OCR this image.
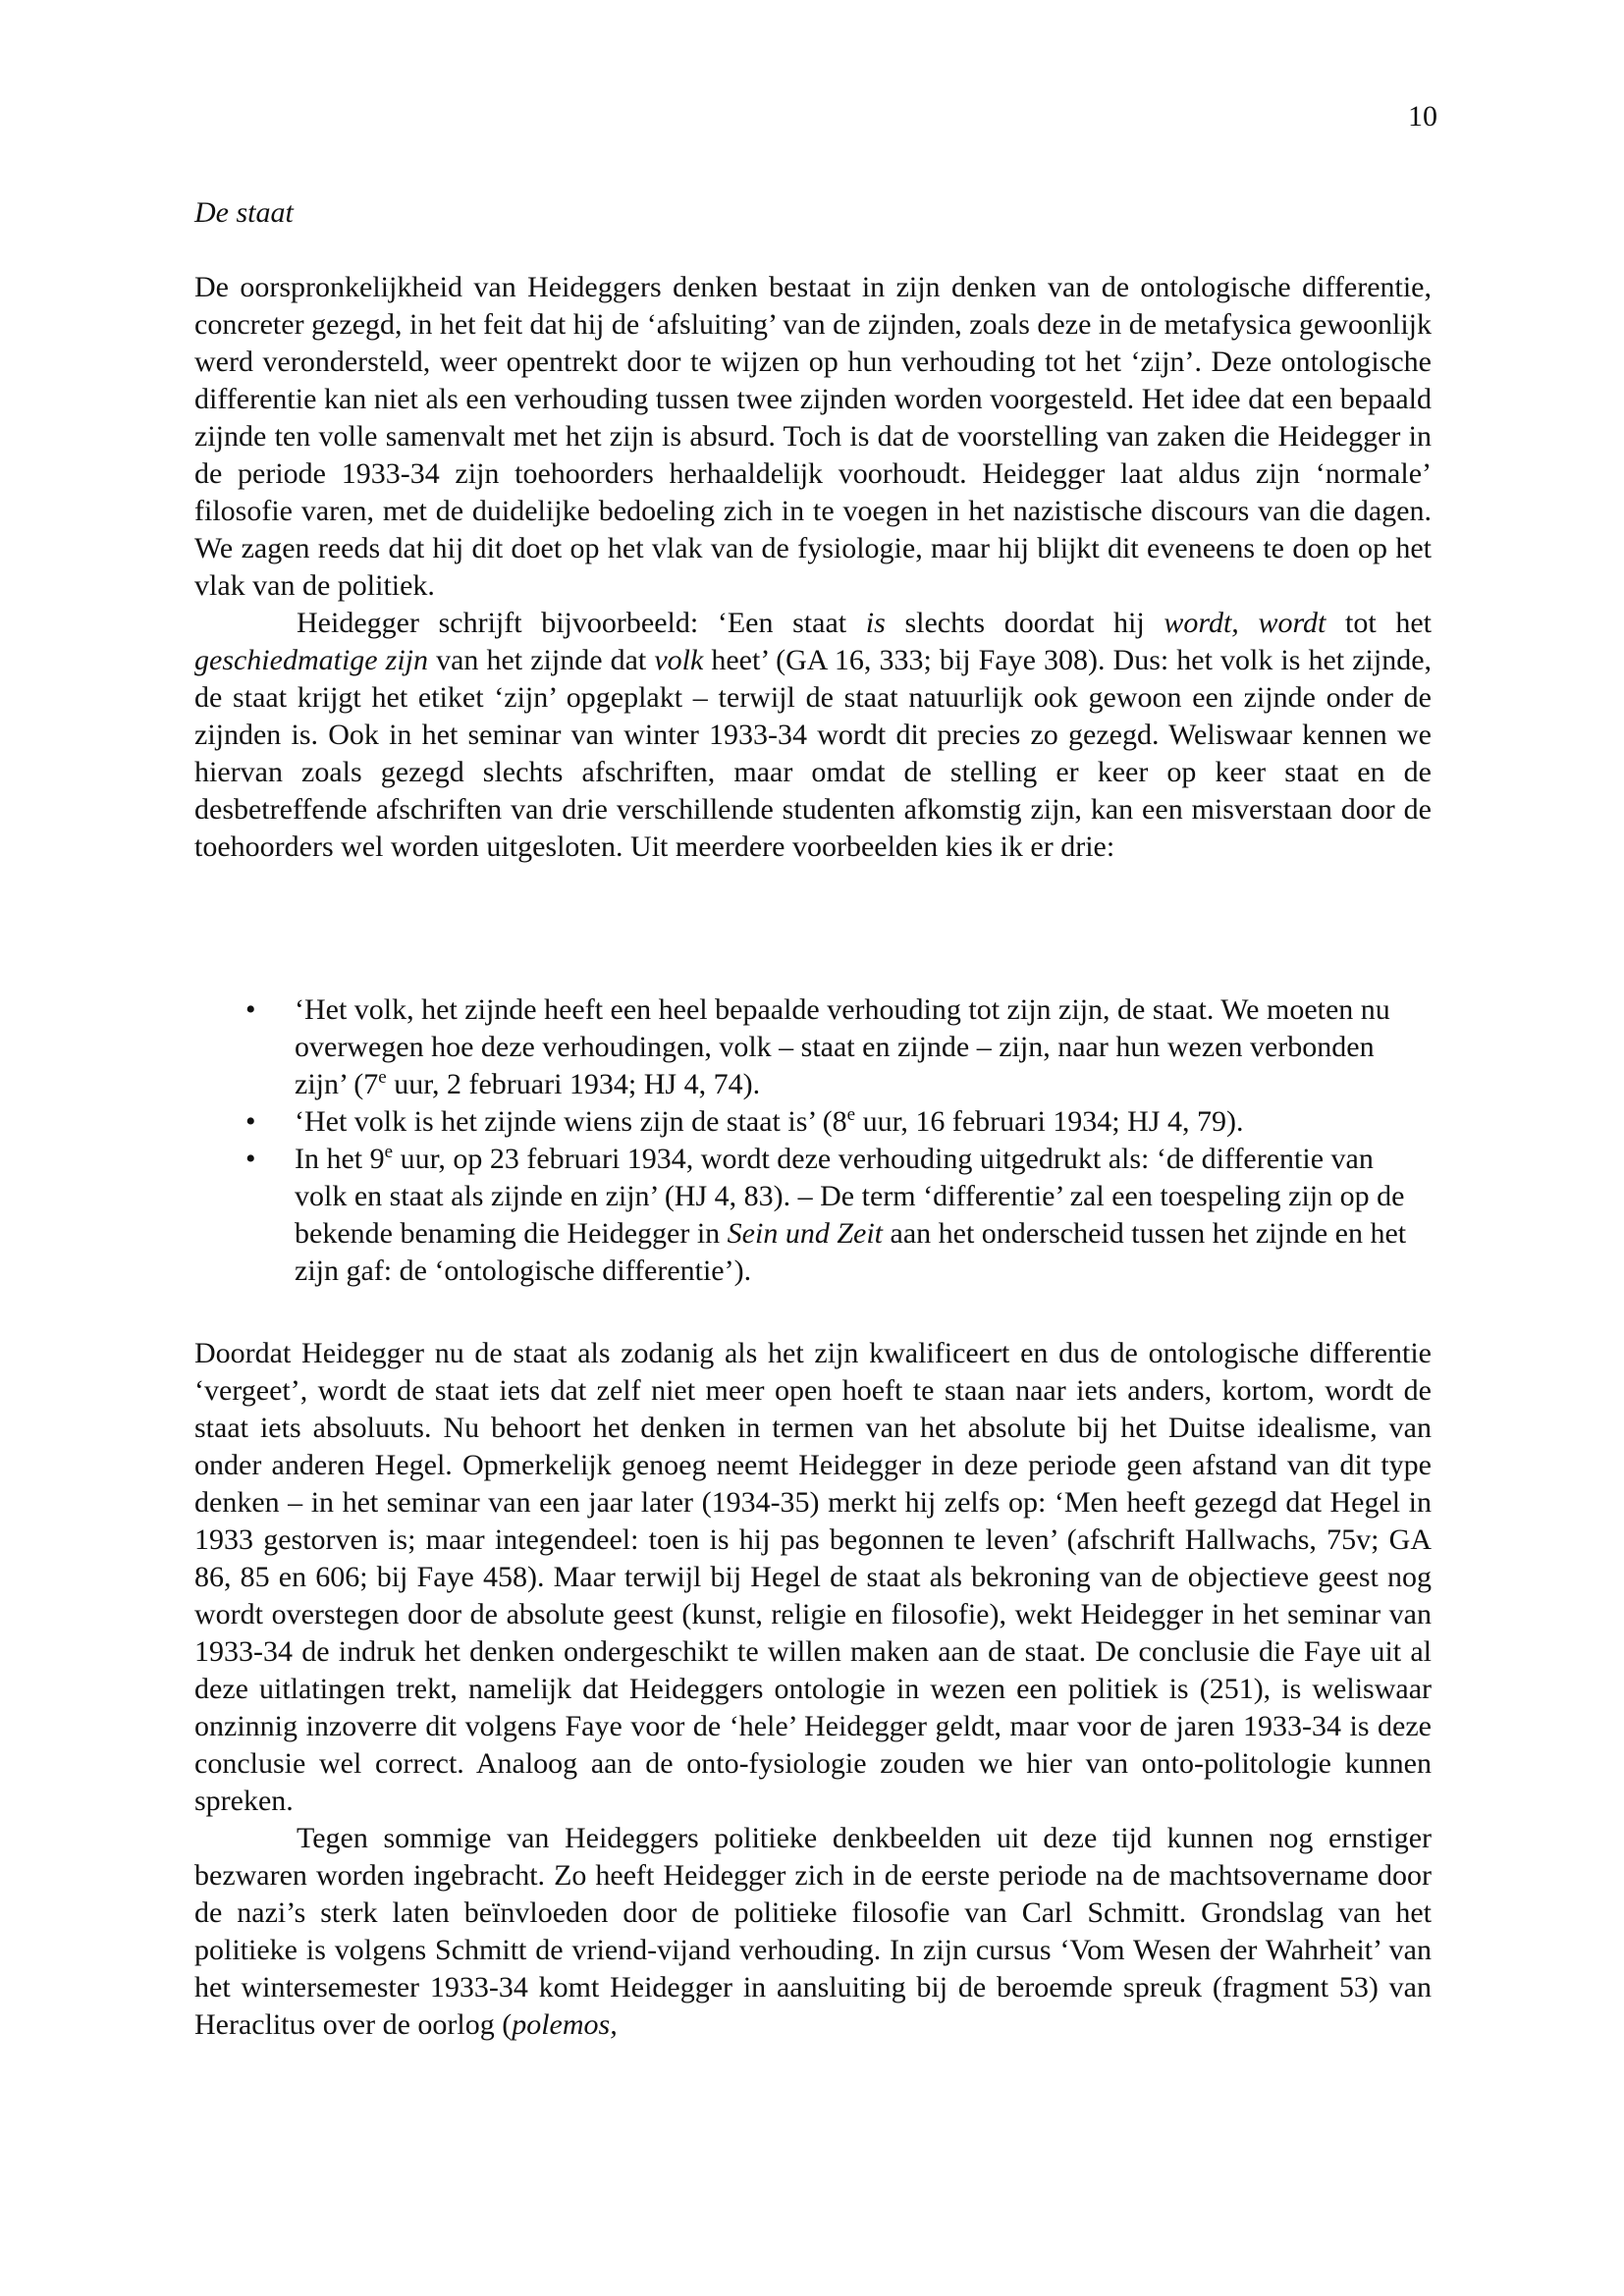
10
De staat

De oorspronkelijkheid van Heideggers denken bestaat in zijn denken van de ontologische differentie, concreter gezegd, in het feit dat hij de ‘afsluiting’ van de zijnden, zoals deze in de metafysica gewoonlijk werd verondersteld, weer opentrekt door te wijzen op hun verhouding tot het ‘zijn’. Deze ontologische differentie kan niet als een verhouding tussen twee zijnden worden voorgesteld. Het idee dat een bepaald zijnde ten volle samenvalt met het zijn is absurd. Toch is dat de voorstelling van zaken die Heidegger in de periode 1933-34 zijn toehoorders herhaaldelijk voorhoudt. Heidegger laat aldus zijn ‘normale’ filosofie varen, met de duidelijke bedoeling zich in te voegen in het nazistische discours van die dagen. We zagen reeds dat hij dit doet op het vlak van de fysiologie, maar hij blijkt dit eveneens te doen op het vlak van de politiek.

Heidegger schrijft bijvoorbeeld: ‘Een staat is slechts doordat hij wordt, wordt tot het geschiedmatige zijn van het zijnde dat volk heet’ (GA 16, 333; bij Faye 308). Dus: het volk is het zijnde, de staat krijgt het etiket ‘zijn’ opgeplakt – terwijl de staat natuurlijk ook gewoon een zijnde onder de zijnden is. Ook in het seminar van winter 1933-34 wordt dit precies zo gezegd. Weliswaar kennen we hiervan zoals gezegd slechts afschriften, maar omdat de stelling er keer op keer staat en de desbetreffende afschriften van drie verschillende studenten afkomstig zijn, kan een misverstaan door de toehoorders wel worden uitgesloten. Uit meerdere voorbeelden kies ik er drie:

• ‘Het volk, het zijnde heeft een heel bepaalde verhouding tot zijn zijn, de staat. We moeten nu overwegen hoe deze verhoudingen, volk – staat en zijnde – zijn, naar hun wezen verbonden zijn’ (7e uur, 2 februari 1934; HJ 4, 74).
• ‘Het volk is het zijnde wiens zijn de staat is’ (8e uur, 16 februari 1934; HJ 4, 79).
• In het 9e uur, op 23 februari 1934, wordt deze verhouding uitgedrukt als: ‘de differentie van volk en staat als zijnde en zijn’ (HJ 4, 83). – De term ‘differentie’ zal een toespeling zijn op de bekende benaming die Heidegger in Sein und Zeit aan het onderscheid tussen het zijnde en het zijn gaf: de ‘ontologische differentie’).

Doordat Heidegger nu de staat als zodanig als het zijn kwalificeert en dus de ontologische differentie ‘vergeet’, wordt de staat iets dat zelf niet meer open hoeft te staan naar iets anders, kortom, wordt de staat iets absoluuts. Nu behoort het denken in termen van het absolute bij het Duitse idealisme, van onder anderen Hegel. Opmerkelijk genoeg neemt Heidegger in deze periode geen afstand van dit type denken – in het seminar van een jaar later (1934-35) merkt hij zelfs op: ‘Men heeft gezegd dat Hegel in 1933 gestorven is; maar integendeel: toen is hij pas begonnen te leven’ (afschrift Hallwachs, 75v; GA 86, 85 en 606; bij Faye 458). Maar terwijl bij Hegel de staat als bekroning van de objectieve geest nog wordt overstegen door de absolute geest (kunst, religie en filosofie), wekt Heidegger in het seminar van 1933-34 de indruk het denken ondergeschikt te willen maken aan de staat. De conclusie die Faye uit al deze uitlatingen trekt, namelijk dat Heideggers ontologie in wezen een politiek is (251), is weliswaar onzinnig inzoverre dit volgens Faye voor de ‘hele’ Heidegger geldt, maar voor de jaren 1933-34 is deze conclusie wel correct. Analoog aan de onto-fysiologie zouden we hier van onto-politologie kunnen spreken.

Tegen sommige van Heideggers politieke denkbeelden uit deze tijd kunnen nog ernstiger bezwaren worden ingebracht. Zo heeft Heidegger zich in de eerste periode na de machtsovername door de nazi’s sterk laten beïnvloeden door de politieke filosofie van Carl Schmitt. Grondslag van het politieke is volgens Schmitt de vriend-vijand verhouding. In zijn cursus ‘Vom Wesen der Wahrheit’ van het wintersemester 1933-34 komt Heidegger in aansluiting bij de beroemde spreuk (fragment 53) van Heraclitus over de oorlog (polemos,
